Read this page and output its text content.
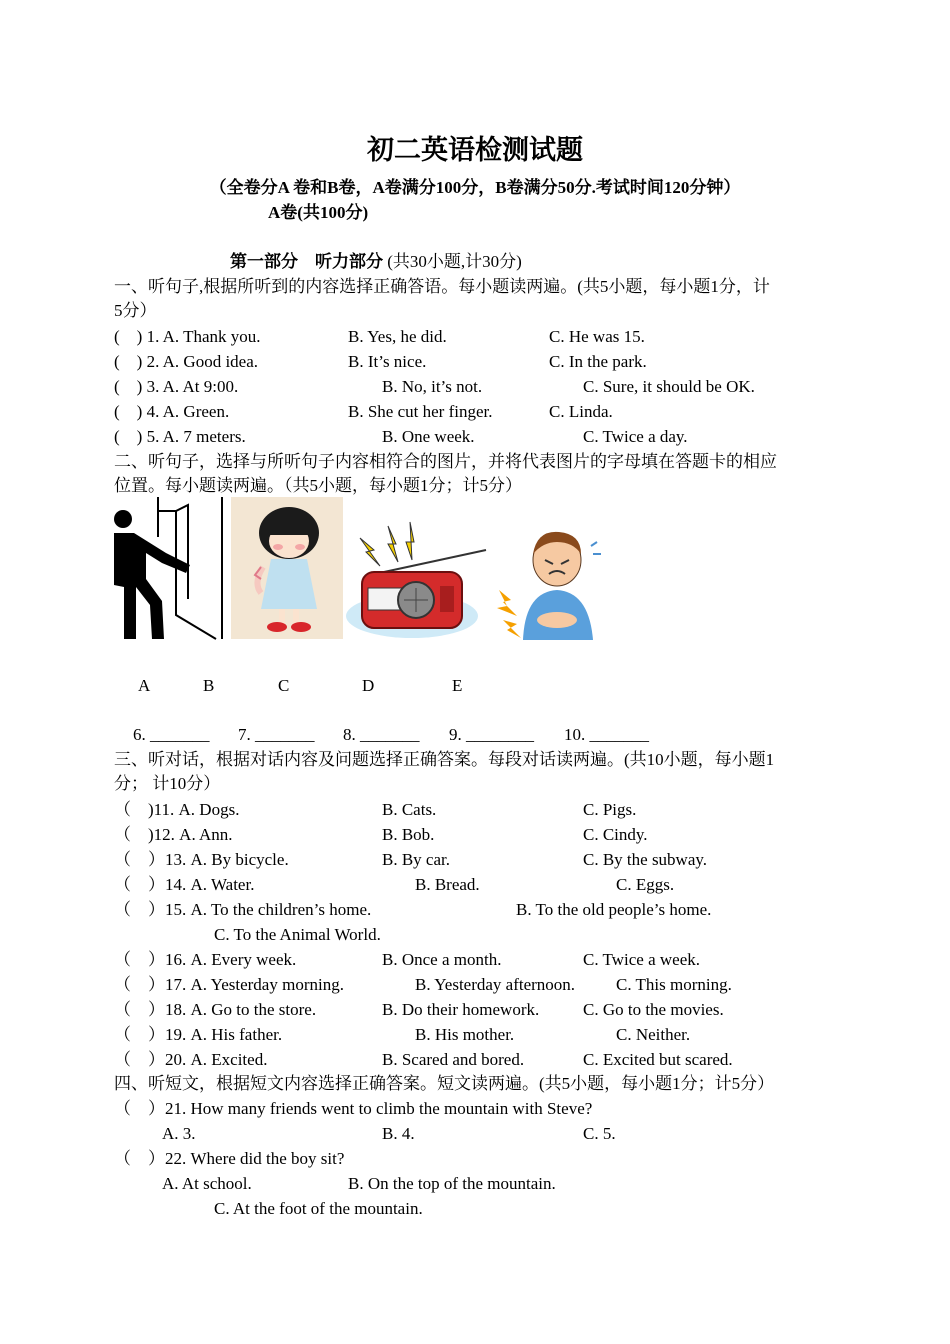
初二英语检测试题
（全卷分A 卷和B卷，A卷满分100分，B卷满分50分.考试时间120分钟）
A卷(共100分)
第一部分　听力部分 (共30小题,计30分)
一、听句子,根据所听到的内容选择正确答语。每小题读两遍。(共5小题，每小题1分，计
5分）
(　) 1. A. Thank you.	B. Yes, he did.	C. He was 15.
(　) 2. A. Good idea.	B. It’s nice.	C. In the park.
(　) 3. A. At 9:00.	B. No, it’s not.	C. Sure, it should be OK.
(　) 4. A. Green.	B. She cut her finger.	C. Linda.
(　) 5. A. 7 meters.	B. One week.	C. Twice a day.
二、听句子，选择与所听句子内容相符合的图片，并将代表图片的字母填在答题卡的相应
位置。每小题读两遍。（共5小题，每小题1分；计5分）
A	B	C	D	E
6. _______ 7. _______ 8. _______ 9. ________ 10. _______
三、听对话，根据对话内容及问题选择正确答案。每段对话读两遍。(共10小题，每小题1
分； 计10分）
（　)11. A. Dogs.	B. Cats.	C. Pigs.
（　)12. A. Ann.	B. Bob.	C. Cindy.
（　）13. A. By bicycle.	B. By car.	C. By the subway.
（　）14. A. Water.	B. Bread.	C. Eggs.
（　）15. A. To the children’s home.	B. To the old people’s home.
C. To the Animal World.
（　）16. A. Every week.	B. Once a month.	C. Twice a week.
（　）17. A. Yesterday morning.	B. Yesterday afternoon. C. This morning.
（　）18. A. Go to the store.	B. Do their homework.	C. Go to the movies.
（　）19. A. His father.	B. His mother.	C. Neither.
（　）20. A. Excited.	B. Scared and bored.	C. Excited but scared.
四、听短文，根据短文内容选择正确答案。短文读两遍。(共5小题，每小题1分；计5分）
（　）21. How many friends went to climb the mountain with Steve?
A. 3.	B. 4.	C. 5.
（　）22. Where did the boy sit?
A. At school.	B. On the top of the mountain.
C. At the foot of the mountain.
